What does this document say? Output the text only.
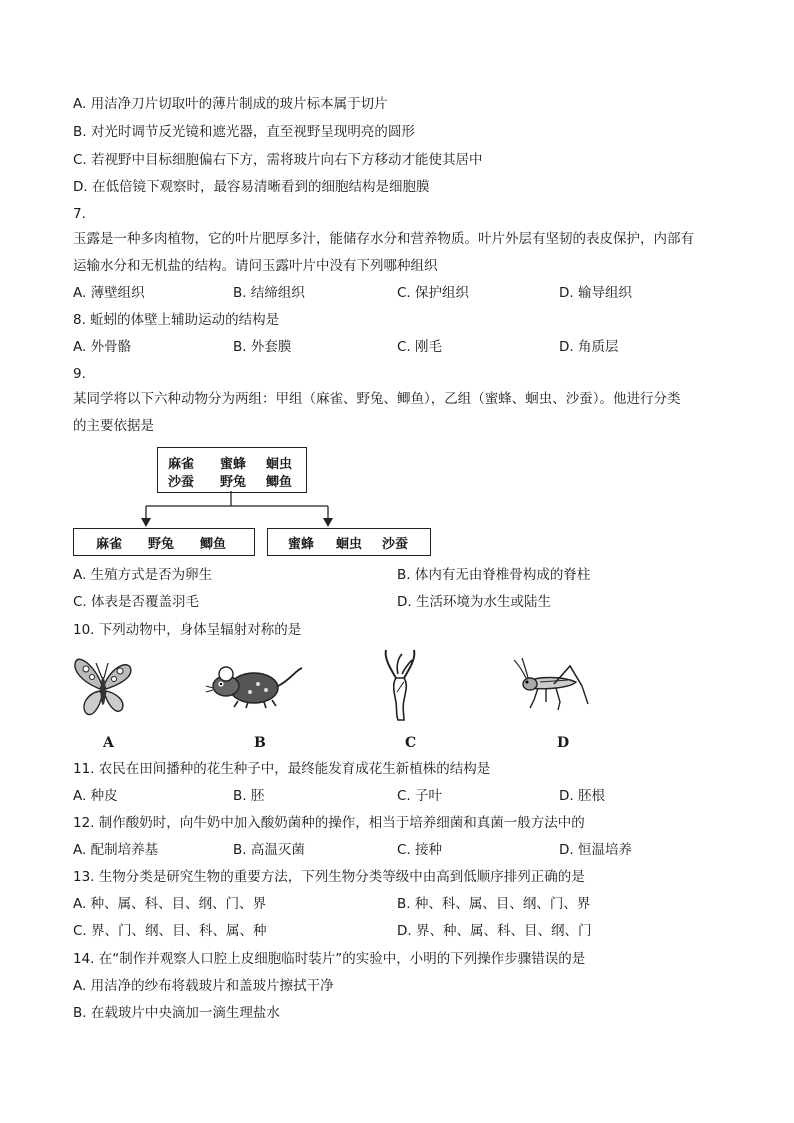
A. 用洁净刀片切取叶的薄片制成的玻片标本属于切片
B. 对光时调节反光镜和遮光器，直至视野呈现明亮的圆形
C. 若视野中目标细胞偏右下方，需将玻片向右下方移动才能使其居中
D. 在低倍镜下观察时，最容易清晰看到的细胞结构是细胞膜
7.
玉露是一种多肉植物，它的叶片肥厚多汁，能储存水分和营养物质。叶片外层有坚韧的表皮保护，内部有
运输水分和无机盐的结构。请问玉露叶片中没有下列哪种组织
A. 薄壁组织	B. 结缔组织	C. 保护组织	D. 输导组织
8. 蚯蚓的体壁上辅助运动的结构是
A. 外骨骼	B. 外套膜	C. 刚毛	D. 角质层
9.
某同学将以下六种动物分为两组：甲组（麻雀、野兔、鲫鱼），乙组（蜜蜂、蛔虫、沙蚕）。他进行分类
的主要依据是
麻雀 蜜蜂 蛔虫
沙蚕 野兔 鲫鱼
麻雀 野兔 鲫鱼	蜜蜂 蛔虫 沙蚕
A. 生殖方式是否为卵生	B. 体内有无由脊椎骨构成的脊柱
C. 体表是否覆盖羽毛	D. 生活环境为水生或陆生
10. 下列动物中，身体呈辐射对称的是
A	B	C	D
11. 农民在田间播种的花生种子中，最终能发育成花生新植株的结构是
A. 种皮	B. 胚	C. 子叶	D. 胚根
12. 制作酸奶时，向牛奶中加入酸奶菌种的操作，相当于培养细菌和真菌一般方法中的
A. 配制培养基	B. 高温灭菌	C. 接种	D. 恒温培养
13. 生物分类是研究生物的重要方法，下列生物分类等级中由高到低顺序排列正确的是
A. 种、属、科、目、纲、门、界	B. 种、科、属、目、纲、门、界
C. 界、门、纲、目、科、属、种	D. 界、种、属、科、目、纲、门
14. 在“制作并观察人口腔上皮细胞临时装片”的实验中，小明的下列操作步骤错误的是
A. 用洁净的纱布将载玻片和盖玻片擦拭干净
B. 在载玻片中央滴加一滴生理盐水
